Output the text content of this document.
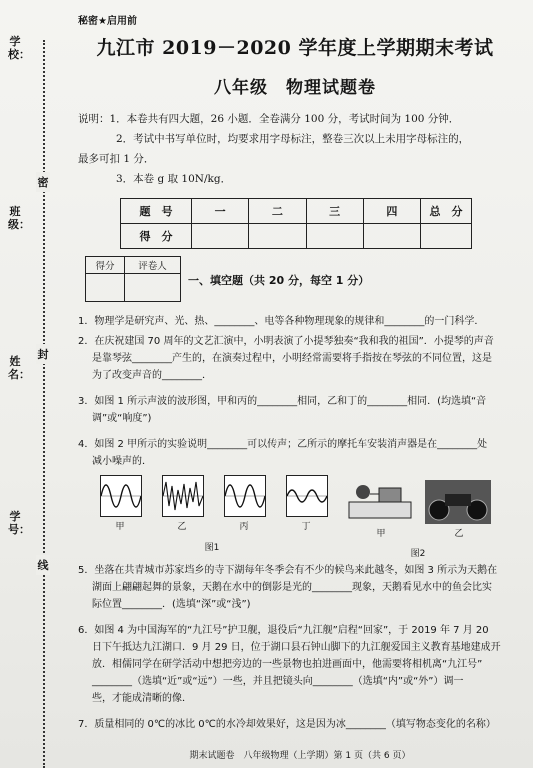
学校：
班级：
姓名：
学号：
密
封
线
秘密★启用前
九江市 2019－2020 学年度上学期期末考试
八年级　物理试题卷
说明：1．本卷共有四大题，26 小题．全卷满分 100 分，考试时间为 100 分钟．
2．考试中书写单位时，均要求用字母标注，整卷三次以上未用字母标注的，
最多可扣 1 分．
3．本卷 g 取 10N/kg．
题　号	一	二	三	四	总　分
得　分					
得分	评卷人

一、填空题（共 20 分，每空 1 分）
1．物理学是研究声、光、热、________、电等各种物理现象的规律和________的一门科学．
2．在庆祝建国 70 周年的文艺汇演中，小明表演了小提琴独奏“我和我的祖国”．小提琴的声音
是靠琴弦________产生的，在演奏过程中，小明经常需要将手指按在琴弦的不同位置，这是
为了改变声音的________．
3．如图 1 所示声波的波形图，甲和丙的________相同，乙和丁的________相同．(均选填“音
调”或“响度”)
4．如图 2 甲所示的实验说明________可以传声；乙所示的摩托车安装消声器是在________处
减小噪声的．
甲	乙	丙	丁
图1
甲	乙
图2
5．坐落在共青城市苏家垱乡的寺下湖每年冬季会有不少的候鸟来此越冬，如图 3 所示为天鹅在
湖面上翩翩起舞的景象，天鹅在水中的倒影是光的________现象，天鹅看见水中的鱼会比实
际位置________．(选填“深”或“浅”)
6．如图 4 为中国海军的“九江号”护卫舰，退役后“九江舰”启程“回家”，于 2019 年 7 月 20
日下午抵达九江湖口．9 月 29 日，位于湖口县石钟山脚下的九江舰爱国主义教育基地建成开
放．相儒同学在研学活动中想把旁边的一些景物也拍进画面中，他需要将相机离“九江号”
________（选填“近”或“远”）一些，并且把镜头向________（选填“内”或“外”）调一
些，才能成清晰的像．
7．质量相同的 0℃的冰比 0℃的水冷却效果好，这是因为冰________（填写物态变化的名称）
期末试题卷　八年级物理（上学期）第 1 页（共 6 页）
